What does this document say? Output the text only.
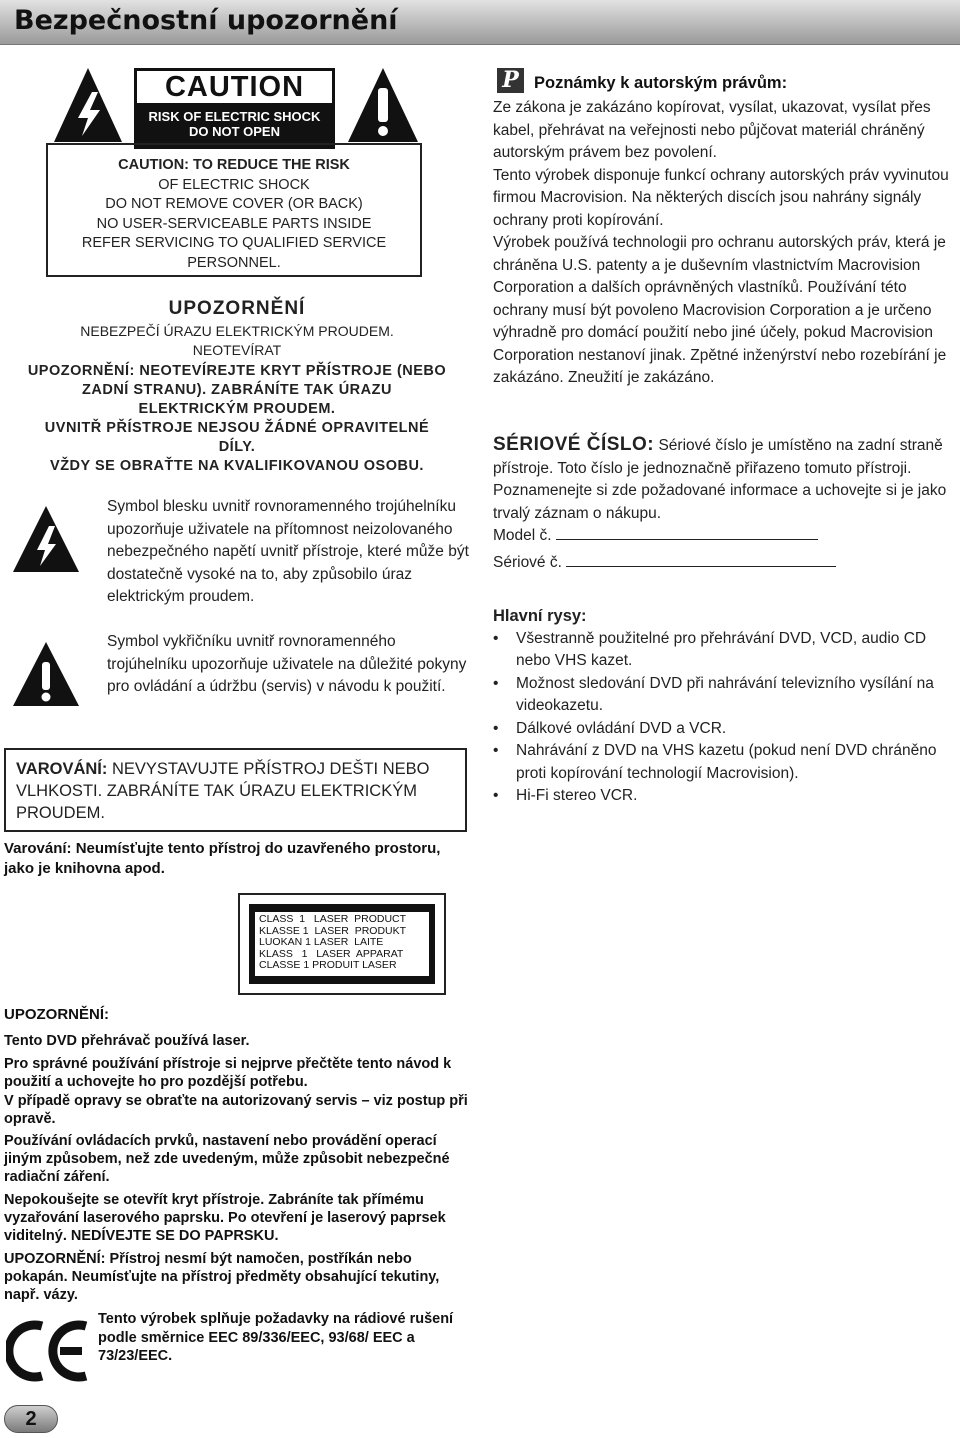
Bezpečnostní upozornění
CAUTION
RISK OF ELECTRIC SHOCK
DO NOT OPEN
CAUTION: TO REDUCE THE RISK
OF ELECTRIC SHOCK
DO NOT REMOVE COVER (OR BACK)
NO USER-SERVICEABLE PARTS INSIDE
REFER SERVICING TO QUALIFIED SERVICE
PERSONNEL.
UPOZORNĚNÍ
NEBEZPEČÍ ÚRAZU ELEKTRICKÝM PROUDEM.
NEOTEVÍRAT
UPOZORNĚNÍ: NEOTEVÍREJTE KRYT PŘÍSTROJE (NEBO
ZADNÍ STRANU). ZABRÁNÍTE TAK ÚRAZU
ELEKTRICKÝM PROUDEM.
UVNITŘ PŘÍSTROJE NEJSOU ŽÁDNÉ OPRAVITELNÉ
DÍLY.
VŽDY SE OBRAŤTE NA KVALIFIKOVANOU OSOBU.
Symbol blesku uvnitř rovnoramenného trojúhelníku upozorňuje uživatele na přítomnost neizolovaného nebezpečného napětí uvnitř přístroje, které může být dostatečně vysoké na to, aby způsobilo úraz elektrickým proudem.
Symbol vykřičníku uvnitř rovnoramenného trojúhelníku upozorňuje uživatele na důležité pokyny pro ovládání a údržbu (servis) v návodu k použití.
VAROVÁNÍ: NEVYSTAVUJTE PŘÍSTROJ DEŠTI NEBO VLHKOSTI. ZABRÁNÍTE TAK ÚRAZU ELEKTRICKÝM PROUDEM.
Varování: Neumísťujte tento přístroj do uzavřeného prostoru, jako je knihovna apod.
CLASS  1   LASER  PRODUCT
KLASSE 1  LASER  PRODUKT
LUOKAN 1 LASER  LAITE
KLASS   1   LASER  APPARAT
CLASSE 1 PRODUIT LASER
UPOZORNĚNÍ:
Tento DVD přehrávač používá laser.
Pro správné používání přístroje si nejprve přečtěte tento návod k použití a uchovejte ho pro pozdější potřebu.
V případě opravy se obraťte na autorizovaný servis – viz postup při opravě.
Používání ovládacích prvků, nastavení nebo provádění operací jiným způsobem, než zde uvedeným, může způsobit nebezpečné radiační záření.
Nepokoušejte se otevřít kryt přístroje. Zabráníte tak přímému vyzařování laserového paprsku. Po otevření je laserový paprsek viditelný. NEDÍVEJTE SE DO PAPRSKU.
UPOZORNĚNÍ: Přístroj nesmí být namočen, postříkán nebo pokapán. Neumísťujte na přístroj předměty obsahující tekutiny, např. vázy.
Tento výrobek splňuje požadavky na rádiové rušení podle směrnice EEC 89/336/EEC, 93/68/ EEC a 73/23/EEC.
2
P Poznámky k autorským právům:
Ze zákona je zakázáno kopírovat, vysílat, ukazovat, vysílat přes kabel, přehrávat na veřejnosti nebo půjčovat materiál chráněný autorským právem bez povolení.
Tento výrobek disponuje funkcí ochrany autorských práv vyvinutou firmou Macrovision. Na některých discích jsou nahrány signály ochrany proti kopírování.
Výrobek používá technologii pro ochranu autorských práv, která je chráněna U.S. patenty a je duševním vlastnictvím Macrovision Corporation a dalších oprávněných vlastníků. Používání této ochrany musí být povoleno Macrovision Corporation a je určeno výhradně pro domácí použití nebo jiné účely, pokud Macrovision Corporation nestanoví jinak. Zpětné inženýrství nebo rozebírání je zakázáno. Zneužití je zakázáno.
SÉRIOVÉ ČÍSLO: Sériové číslo je umístěno na zadní straně přístroje. Toto číslo je jednoznačně přiřazeno tomuto přístroji. Poznamenejte si zde požadované informace a uchovejte si je jako trvalý záznam o nákupu.
Model č.
Sériové č.
Hlavní rysy:
• Všestranně použitelné pro přehrávání DVD, VCD, audio CD nebo VHS kazet.
• Možnost sledování DVD při nahrávání televizního vysílání na videokazetu.
• Dálkové ovládání DVD a VCR.
• Nahrávání z DVD na VHS kazetu (pokud není DVD chráněno proti kopírování technologií Macrovision).
• Hi-Fi stereo VCR.
